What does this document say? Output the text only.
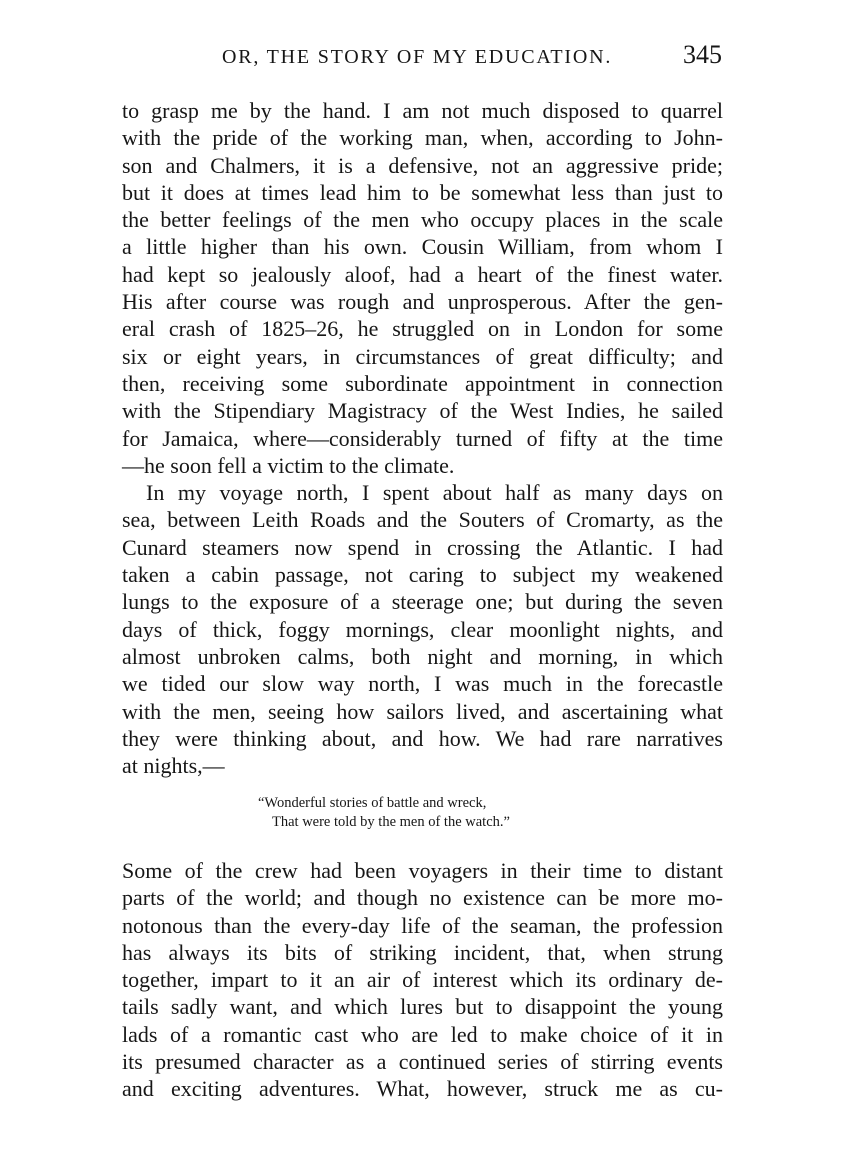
OR, THE STORY OF MY EDUCATION.	345

to grasp me by the hand. I am not much disposed to quarrel

with the pride of the working man, when, according to John-

son and Chalmers, it is a defensive, not an aggressive pride;

but it does at times lead him to be somewhat less than just to

the better feelings of the men who occupy places in the scale

a little higher than his own. Cousin William, from whom I

had kept so jealously aloof, had a heart of the finest water.

His after course was rough and unprosperous. After the gen-

eral crash of 1825–26, he struggled on in London for some

six or eight years, in circumstances of great difficulty; and

then, receiving some subordinate appointment in connection

with the Stipendiary Magistracy of the West Indies, he sailed

for Jamaica, where—considerably turned of fifty at the time

—he soon fell a victim to the climate.

In my voyage north, I spent about half as many days on

sea, between Leith Roads and the Souters of Cromarty, as the

Cunard steamers now spend in crossing the Atlantic. I had

taken a cabin passage, not caring to subject my weakened

lungs to the exposure of a steerage one; but during the seven

days of thick, foggy mornings, clear moonlight nights, and

almost unbroken calms, both night and morning, in which

we tided our slow way north, I was much in the forecastle

with the men, seeing how sailors lived, and ascertaining what

they were thinking about, and how. We had rare narratives

at nights,—

“Wonderful stories of battle and wreck,
That were told by the men of the watch.”

Some of the crew had been voyagers in their time to distant

parts of the world; and though no existence can be more mo-

notonous than the every-day life of the seaman, the profession

has always its bits of striking incident, that, when strung

together, impart to it an air of interest which its ordinary de-

tails sadly want, and which lures but to disappoint the young

lads of a romantic cast who are led to make choice of it in

its presumed character as a continued series of stirring events

and exciting adventures. What, however, struck me as cu-
